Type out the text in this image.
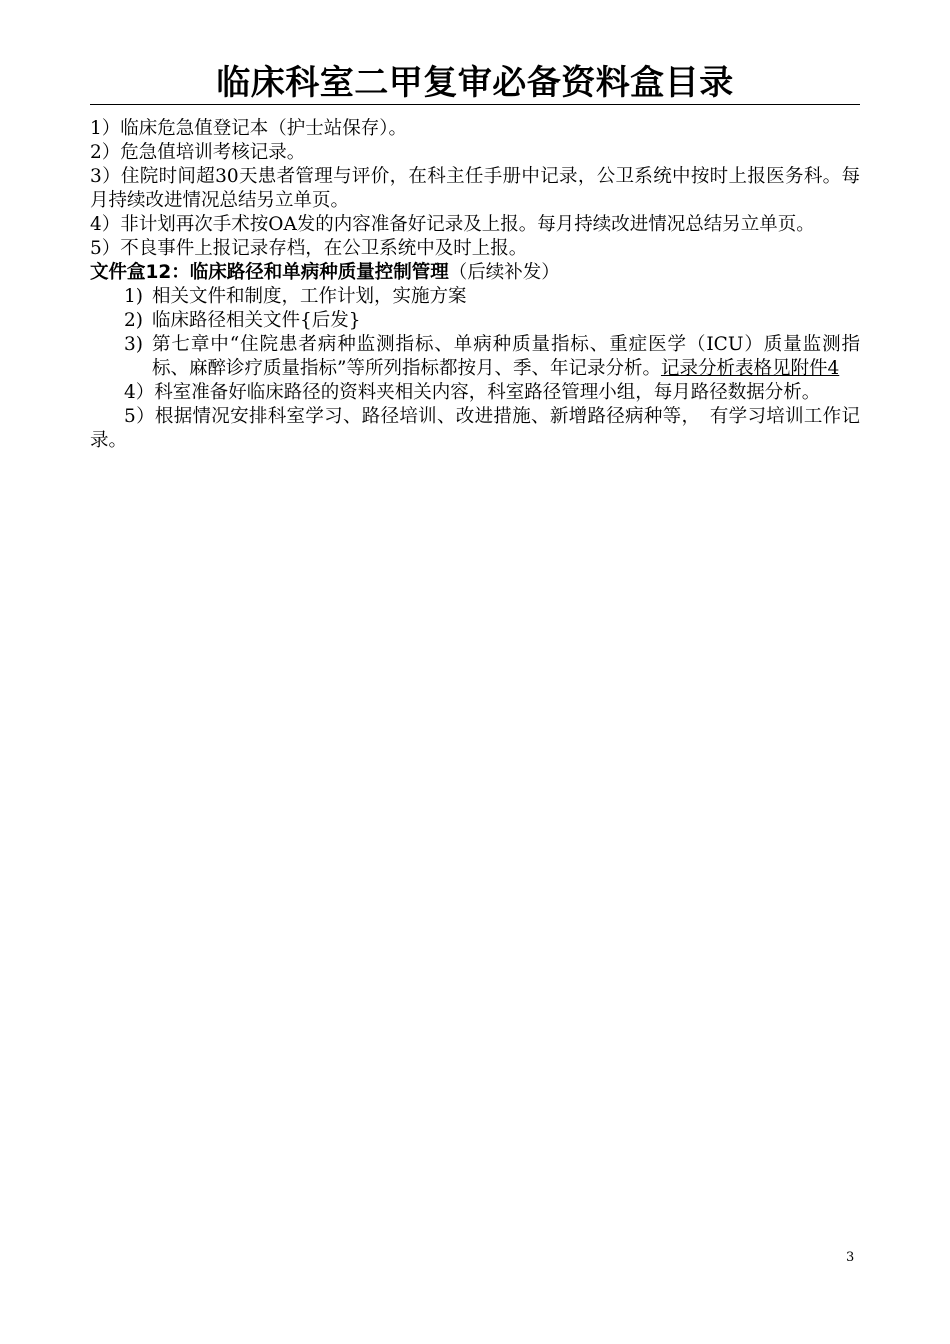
临床科室二甲复审必备资料盒目录

1）临床危急值登记本（护士站保存）。

2）危急值培训考核记录。

3）住院时间超30天患者管理与评价，在科主任手册中记录，公卫系统中按时上报医务科。每月持续改进情况总结另立单页。

4）非计划再次手术按OA发的内容准备好记录及上报。每月持续改进情况总结另立单页。

5）不良事件上报记录存档，在公卫系统中及时上报。

文件盒12：临床路径和单病种质量控制管理（后续补发）

1) 相关文件和制度，工作计划，实施方案
2) 临床路径相关文件{后发}
3) 第七章中“住院患者病种监测指标、单病种质量指标、重症医学（ICU）质量监测指标、麻醉诊疗质量指标”等所列指标都按月、季、年记录分析。记录分析表格见附件4

4）科室准备好临床路径的资料夹相关内容，科室路径管理小组，每月路径数据分析。

5）根据情况安排科室学习、路径培训、改进措施、新增路径病种等，　有学习培训工作记录。

3
